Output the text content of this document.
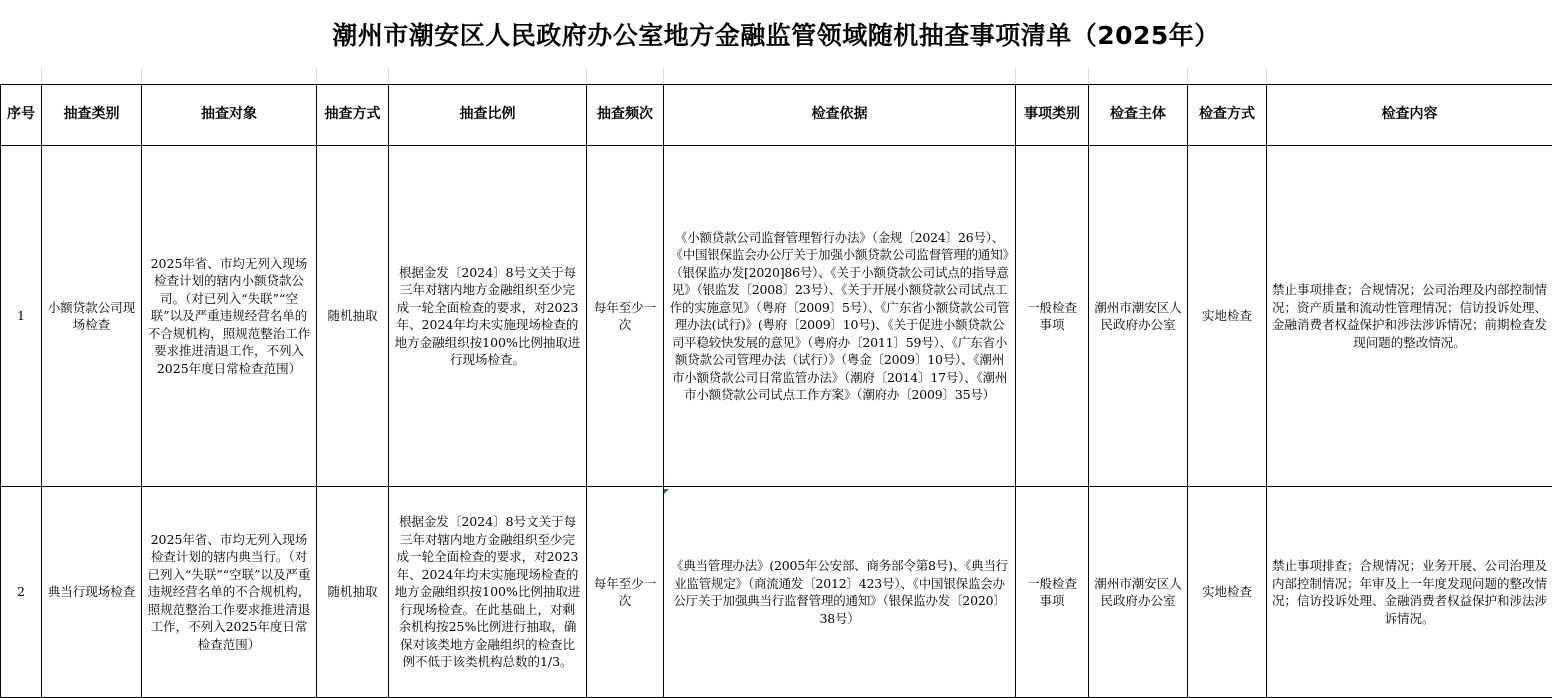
潮州市潮安区人民政府办公室地方金融监管领域随机抽查事项清单（2025年）
序号	抽查类别	抽查对象	抽查方式	抽查比例	抽查频次	检查依据	事项类别	检查主体	检查方式	检查内容
1	小额贷款公司现场检查	2025年省、市均无列入现场检查计划的辖内小额贷款公司。（对已列入“失联”“空联”以及严重违规经营名单的不合规机构，照规范整治工作要求推进清退工作，不列入2025年度日常检查范围）	随机抽取	根据金发〔2024〕8号文关于每三年对辖内地方金融组织至少完成一轮全面检查的要求，对2023年、2024年均未实施现场检查的地方金融组织按100%比例抽取进行现场检查。	每年至少一次	《小额贷款公司监督管理暂行办法》（金规〔2024〕26号）、《中国银保监会办公厅关于加强小额贷款公司监督管理的通知》（银保监办发[2020]86号）、《关于小额贷款公司试点的指导意见》（银监发〔2008〕23号）、《关于开展小额贷款公司试点工作的实施意见》（粤府〔2009〕5号）、《广东省小额贷款公司管理办法(试行)》(粤府〔2009〕10号)、《关于促进小额贷款公司平稳较快发展的意见》（粤府办〔2011〕59号）、《广东省小额贷款公司管理办法（试行）》（粤金〔2009〕10号）、《潮州市小额贷款公司日常监管办法》（潮府〔2014〕17号）、《潮州市小额贷款公司试点工作方案》（潮府办〔2009〕35号）	一般检查事项	潮州市潮安区人民政府办公室	实地检查	禁止事项排查；合规情况；公司治理及内部控制情况；资产质量和流动性管理情况；信访投诉处理、金融消费者权益保护和涉法涉诉情况；前期检查发现问题的整改情况。
2	典当行现场检查	2025年省、市均无列入现场检查计划的辖内典当行。（对已列入“失联”“空联”以及严重违规经营名单的不合规机构，照规范整治工作要求推进清退工作，不列入2025年度日常检查范围）	随机抽取	根据金发〔2024〕8号文关于每三年对辖内地方金融组织至少完成一轮全面检查的要求，对2023年、2024年均未实施现场检查的地方金融组织按100%比例抽取进行现场检查。在此基础上，对剩余机构按25%比例进行抽取，确保对该类地方金融组织的检查比例不低于该类机构总数的1/3。	每年至少一次	《典当管理办法》(2005年公安部、商务部令第8号)、《典当行业监管规定》（商流通发〔2012〕423号）、《中国银保监会办公厅关于加强典当行监督管理的通知》（银保监办发〔2020〕38号）	一般检查事项	潮州市潮安区人民政府办公室	实地检查	禁止事项排查；合规情况；业务开展、公司治理及内部控制情况；年审及上一年度发现问题的整改情况；信访投诉处理、金融消费者权益保护和涉法涉诉情况。
